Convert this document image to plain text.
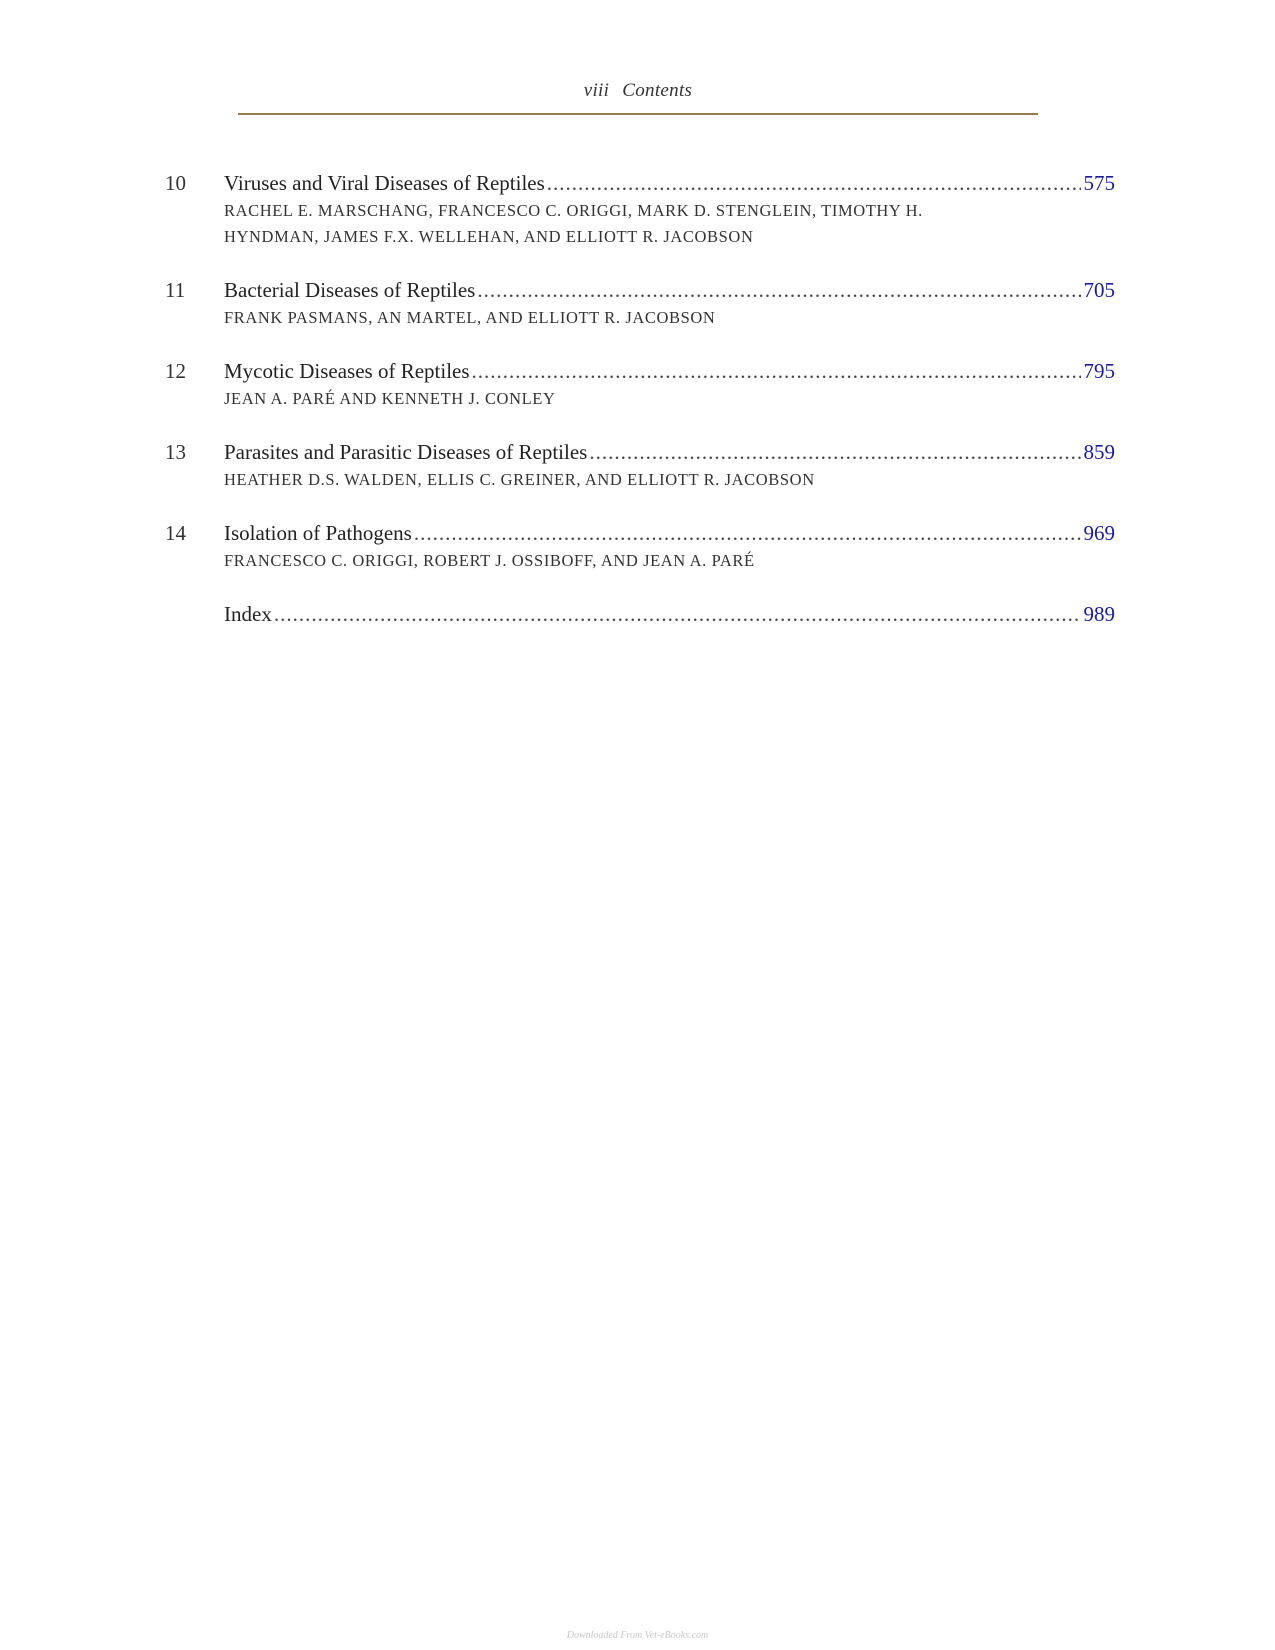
viii Contents
10 Viruses and Viral Diseases of Reptiles .....	575
RACHEL E. MARSCHANG, FRANCESCO C. ORIGGI, MARK D. STENGLEIN, TIMOTHY H.
HYNDMAN, JAMES F.X. WELLEHAN, AND ELLIOTT R. JACOBSON
11 Bacterial Diseases of Reptiles .....	705
FRANK PASMANS, AN MARTEL, AND ELLIOTT R. JACOBSON
12 Mycotic Diseases of Reptiles .....	795
JEAN A. PARÉ AND KENNETH J. CONLEY
13 Parasites and Parasitic Diseases of Reptiles .....	859
HEATHER D.S. WALDEN, ELLIS C. GREINER, AND ELLIOTT R. JACOBSON
14 Isolation of Pathogens .....	969
FRANCESCO C. ORIGGI, ROBERT J. OSSIBOFF, AND JEAN A. PARÉ
Index .....	989
Downloaded From Vet-eBooks.com
